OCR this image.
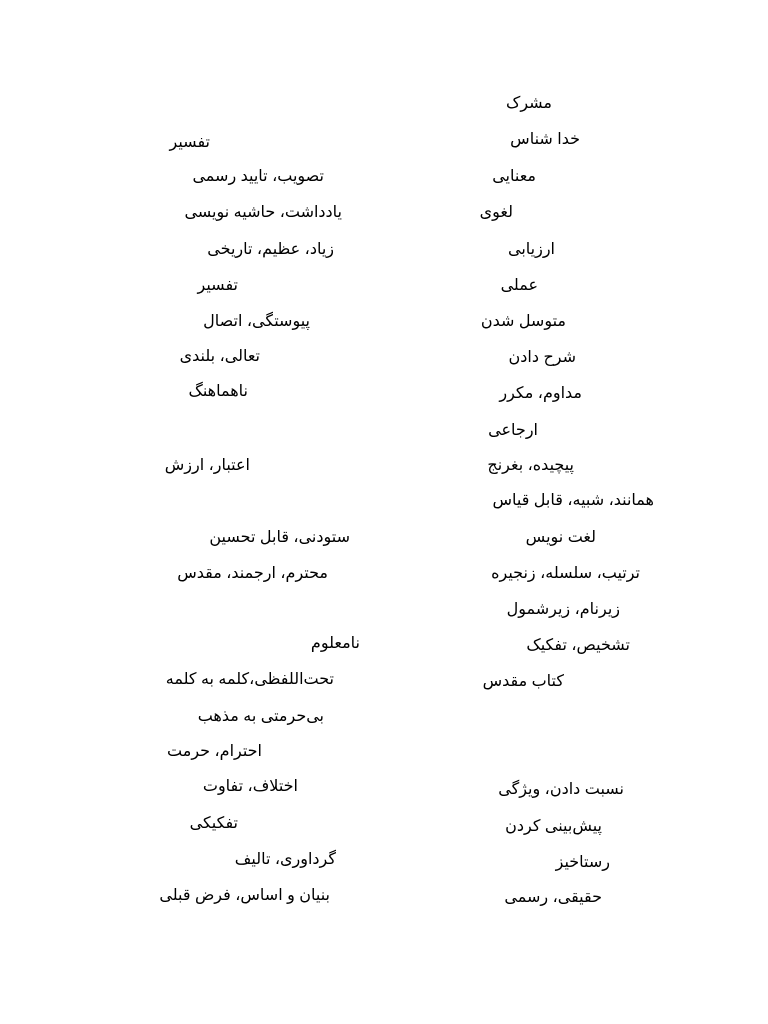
مشرک
خدا شناس
معنایی
لغوی
ارزیابی
عملی
متوسل شدن
شرح دادن
مداوم، مکرر
ارجاعی
پیچیده، بغرنج
همانند، شبیه، قابل قیاس
لغت نویس
ترتیب، سلسله، زنجیره
زیرنام، زیرشمول
تشخیص، تفکیک
کتاب مقدس
نسبت دادن، ویژگی
پیش‌بینی کردن
رستاخیز
حقیقی، رسمی
تفسیر
تصویب، تایید رسمی
یادداشت، حاشیه نویسی
زیاد، عظیم، تاریخی
تفسیر
پیوستگی، اتصال
تعالی، بلندی
ناهماهنگ
اعتبار، ارزش
ستودنی، قابل تحسین
محترم، ارجمند، مقدس
نامعلوم
تحت‌اللفظی،کلمه به کلمه
بی‌حرمتی به مذهب
احترام، حرمت
اختلاف، تفاوت
تفکیکی
گرداوری، تالیف
بنیان و اساس، فرض قبلی
